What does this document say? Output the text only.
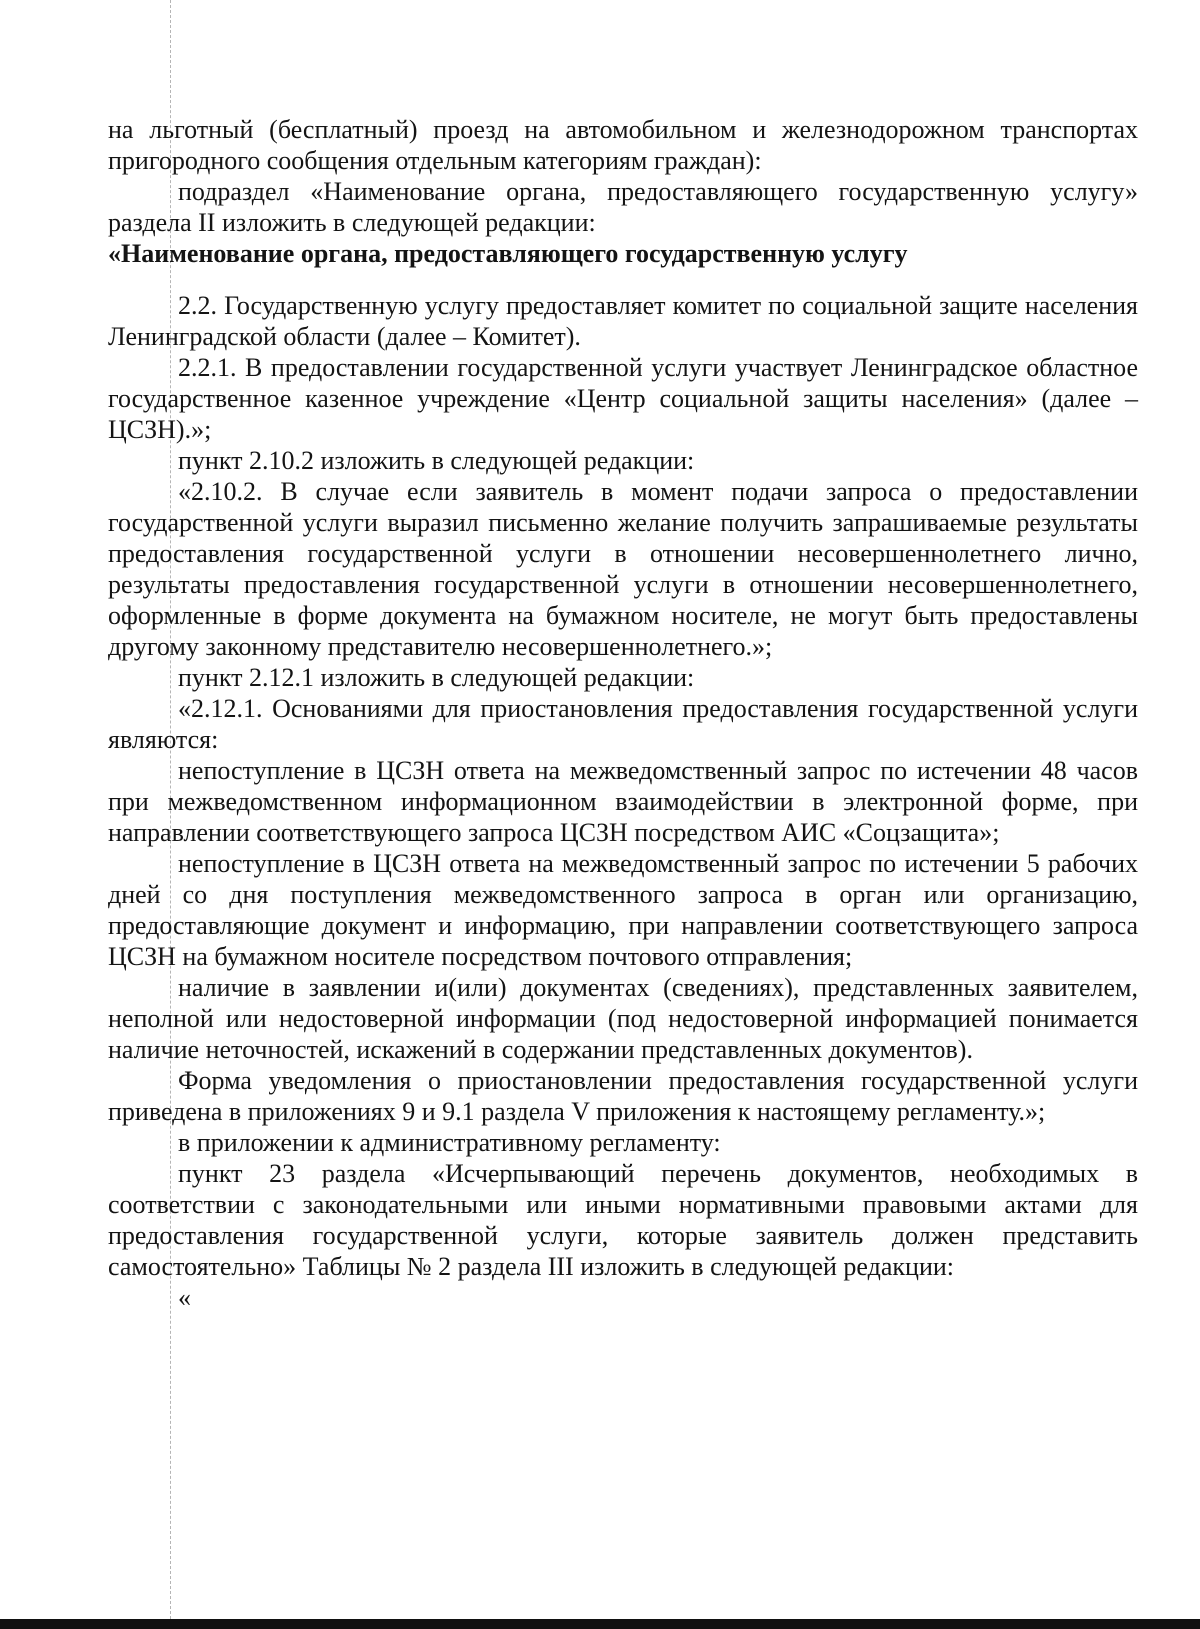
на льготный (бесплатный) проезд на автомобильном и железнодорожном транспортах пригородного сообщения отдельным категориям граждан):

подраздел «Наименование органа, предоставляющего государственную услугу» раздела II изложить в следующей редакции:

«Наименование органа, предоставляющего государственную услугу

2.2. Государственную услугу предоставляет комитет по социальной защите населения Ленинградской области (далее – Комитет).

2.2.1. В предоставлении государственной услуги участвует Ленинградское областное государственное казенное учреждение «Центр социальной защиты населения» (далее – ЦСЗН).»;

пункт 2.10.2 изложить в следующей редакции:

«2.10.2. В случае если заявитель в момент подачи запроса о предоставлении государственной услуги выразил письменно желание получить запрашиваемые результаты предоставления государственной услуги в отношении несовершеннолетнего лично, результаты предоставления государственной услуги в отношении несовершеннолетнего, оформленные в форме документа на бумажном носителе, не могут быть предоставлены другому законному представителю несовершеннолетнего.»;

пункт 2.12.1 изложить в следующей редакции:

«2.12.1. Основаниями для приостановления предоставления государственной услуги являются:

непоступление в ЦСЗН ответа на межведомственный запрос по истечении 48 часов при межведомственном информационном взаимодействии в электронной форме, при направлении соответствующего запроса ЦСЗН посредством АИС «Соцзащита»;

непоступление в ЦСЗН ответа на межведомственный запрос по истечении 5 рабочих дней со дня поступления межведомственного запроса в орган или организацию, предоставляющие документ и информацию, при направлении соответствующего запроса ЦСЗН на бумажном носителе посредством почтового отправления;

наличие в заявлении и(или) документах (сведениях), представленных заявителем, неполной или недостоверной информации (под недостоверной информацией понимается наличие неточностей, искажений в содержании представленных документов).

Форма уведомления о приостановлении предоставления государственной услуги приведена в приложениях 9 и 9.1 раздела V приложения к настоящему регламенту.»;

в приложении к административному регламенту:

пункт 23 раздела «Исчерпывающий перечень документов, необходимых в соответствии с законодательными или иными нормативными правовыми актами для предоставления государственной услуги, которые заявитель должен представить самостоятельно» Таблицы № 2 раздела III изложить в следующей редакции:

«
